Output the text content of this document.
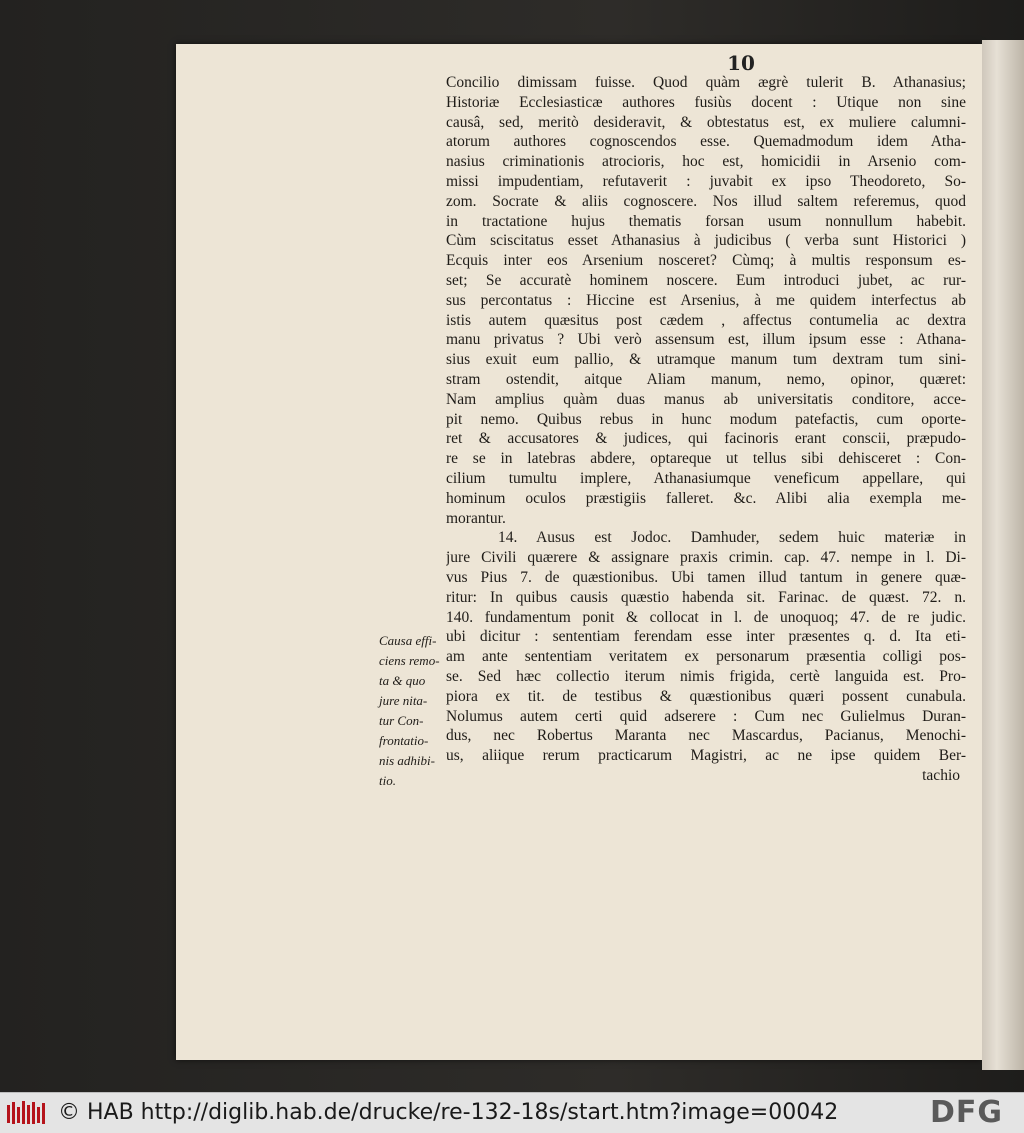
10
Concilio dimissam fuisse. Quod quàm ægrè tulerit B. Athanasius;
Historiæ Ecclesiasticæ authores fusiùs docent : Utique non sine
causâ, sed, meritò desideravit, & obtestatus est, ex muliere calumni-
atorum authores cognoscendos esse. Quemadmodum idem Atha-
nasius criminationis atrocioris, hoc est, homicidii in Arsenio com-
missi impudentiam, refutaverit : juvabit ex ipso Theodoreto, So-
zom. Socrate & aliis cognoscere. Nos illud saltem referemus, quod
in tractatione hujus thematis forsan usum nonnullum habebit.
Cùm sciscitatus esset Athanasius à judicibus ( verba sunt Historici )
Ecquis inter eos Arsenium nosceret? Cùmq; à multis responsum es-
set; Se accuratè hominem noscere. Eum introduci jubet, ac rur-
sus percontatus : Hiccine est Arsenius, à me quidem interfectus ab
istis autem quæsitus post cædem , affectus contumelia ac dextra
manu privatus ? Ubi verò assensum est, illum ipsum esse : Athana-
sius exuit eum pallio, & utramque manum tum dextram tum sini-
stram ostendit, aitque Aliam manum, nemo, opinor, quæret:
Nam amplius quàm duas manus ab universitatis conditore, acce-
pit nemo. Quibus rebus in hunc modum patefactis, cum oporte-
ret & accusatores & judices, qui facinoris erant conscii, præpudo-
re se in latebras abdere, optareque ut tellus sibi dehisceret : Con-
cilium tumultu implere, Athanasiumque veneficum appellare, qui
hominum oculos præstigiis falleret. &c. Alibi alia exempla me-
morantur.
14. Ausus est Jodoc. Damhuder, sedem huic materiæ in
jure Civili quærere & assignare praxis crimin. cap. 47. nempe in l. Di-
vus Pius 7. de quæstionibus. Ubi tamen illud tantum in genere quæ-
ritur: In quibus causis quæstio habenda sit. Farinac. de quæst. 72. n.
140. fundamentum ponit & collocat in l. de unoquoq; 47. de re judic.
ubi dicitur : sententiam ferendam esse inter præsentes q. d. Ita eti-
am ante sententiam veritatem ex personarum præsentia colligi pos-
se. Sed hæc collectio iterum nimis frigida, certè languida est. Pro-
piora ex tit. de testibus & quæstionibus quæri possent cunabula.
Nolumus autem certi quid adserere : Cum nec Gulielmus Duran-
dus, nec Robertus Maranta nec Mascardus, Pacianus, Menochi-
us, aliique rerum practicarum Magistri, ac ne ipse quidem Ber-
tachio
Causa effi-
ciens remo-
ta & quo
jure nita-
tur Con-
frontatio-
nis adhibi-
tio.
© HAB http://diglib.hab.de/drucke/re-132-18s/start.htm?image=00042	DFG
